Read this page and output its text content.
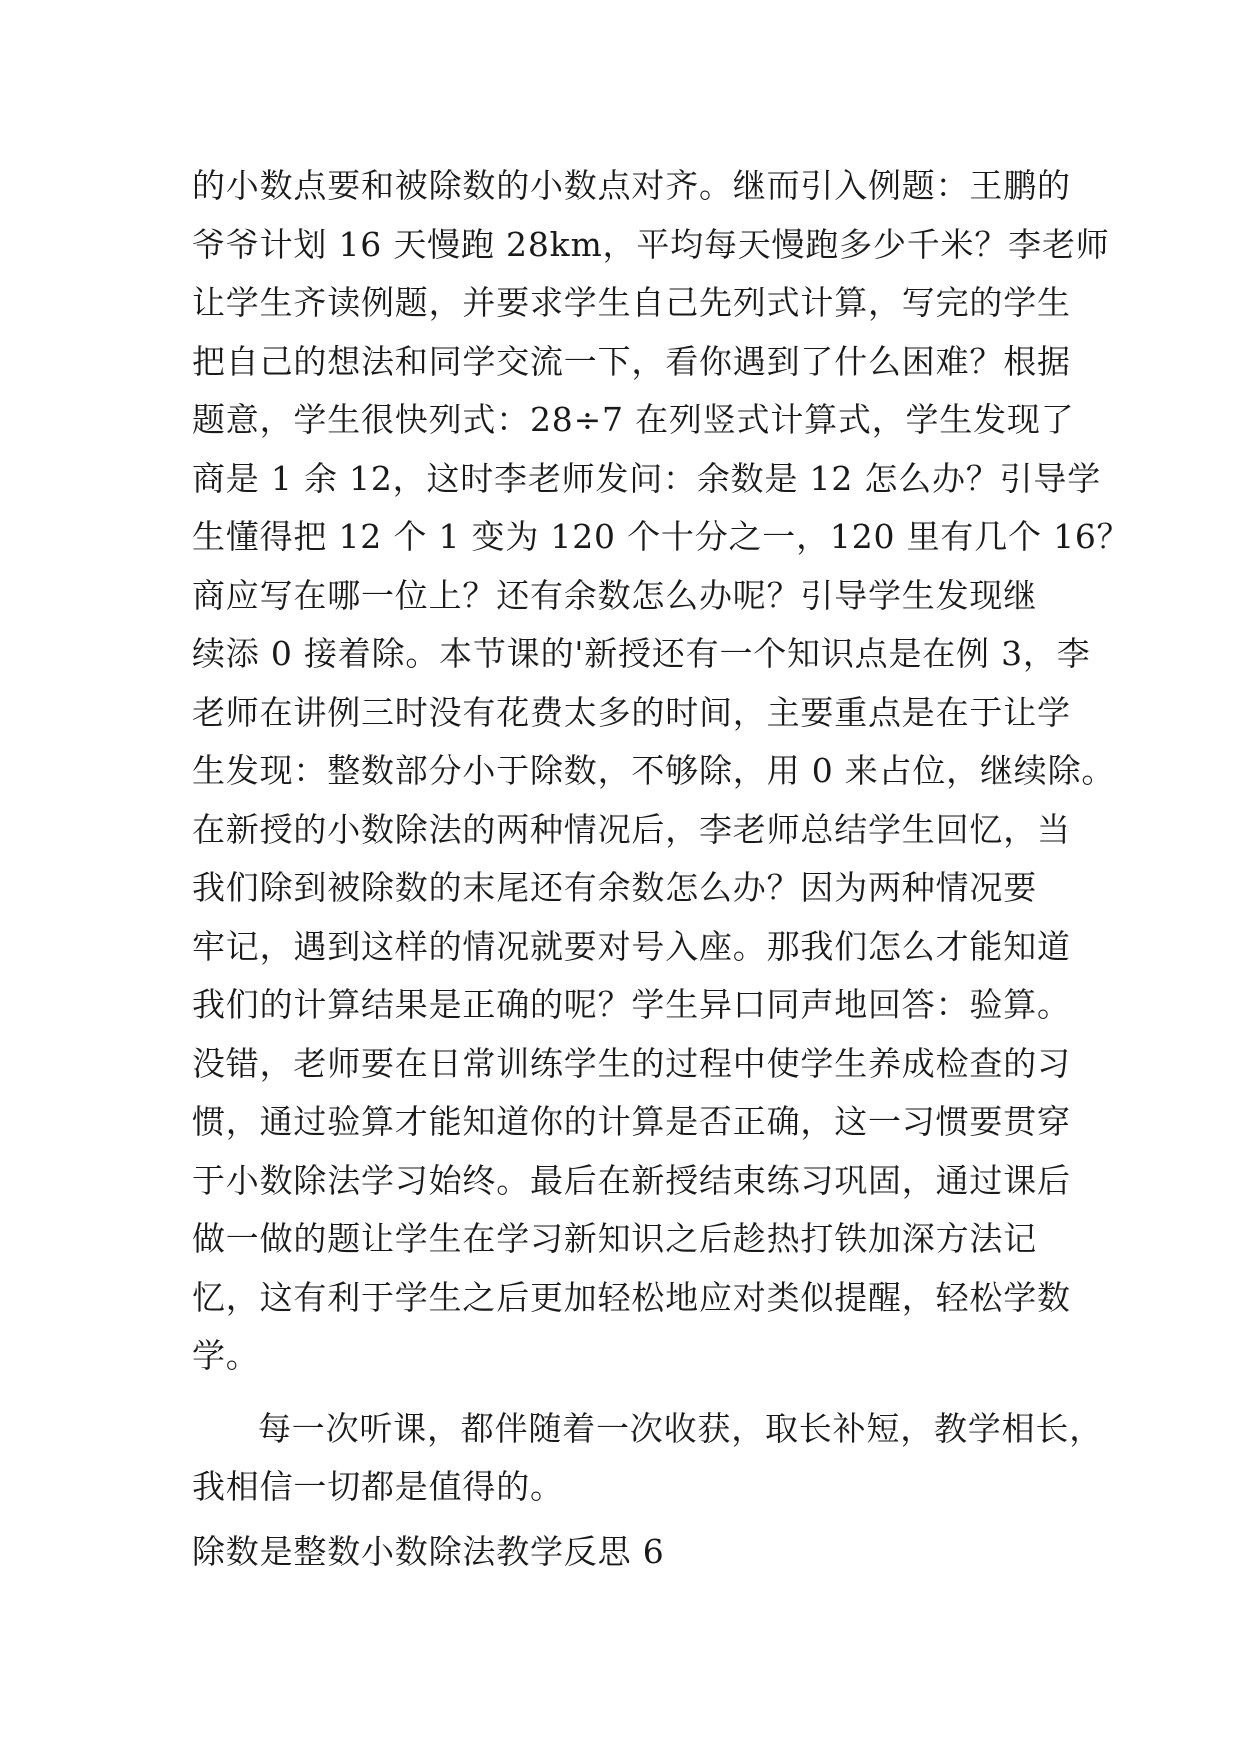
的小数点要和被除数的小数点对齐。继而引入例题：王鹏的
爷爷计划 16 天慢跑 28km，平均每天慢跑多少千米？李老师
让学生齐读例题，并要求学生自己先列式计算，写完的学生
把自己的想法和同学交流一下，看你遇到了什么困难？根据
题意，学生很快列式：28÷7 在列竖式计算式，学生发现了
商是 1 余 12，这时李老师发问：余数是 12 怎么办？引导学
生懂得把 12 个 1 变为 120 个十分之一，120 里有几个 16？
商应写在哪一位上？还有余数怎么办呢？引导学生发现继
续添 0 接着除。本节课的'新授还有一个知识点是在例 3，李
老师在讲例三时没有花费太多的时间，主要重点是在于让学
生发现：整数部分小于除数，不够除，用 0 来占位，继续除。
在新授的小数除法的两种情况后，李老师总结学生回忆，当
我们除到被除数的末尾还有余数怎么办？因为两种情况要
牢记，遇到这样的情况就要对号入座。那我们怎么才能知道
我们的计算结果是正确的呢？学生异口同声地回答：验算。
没错，老师要在日常训练学生的过程中使学生养成检查的习
惯，通过验算才能知道你的计算是否正确，这一习惯要贯穿
于小数除法学习始终。最后在新授结束练习巩固，通过课后
做一做的题让学生在学习新知识之后趁热打铁加深方法记
忆，这有利于学生之后更加轻松地应对类似提醒，轻松学数
学。
每一次听课，都伴随着一次收获，取长补短，教学相长，
我相信一切都是值得的。
除数是整数小数除法教学反思 6
